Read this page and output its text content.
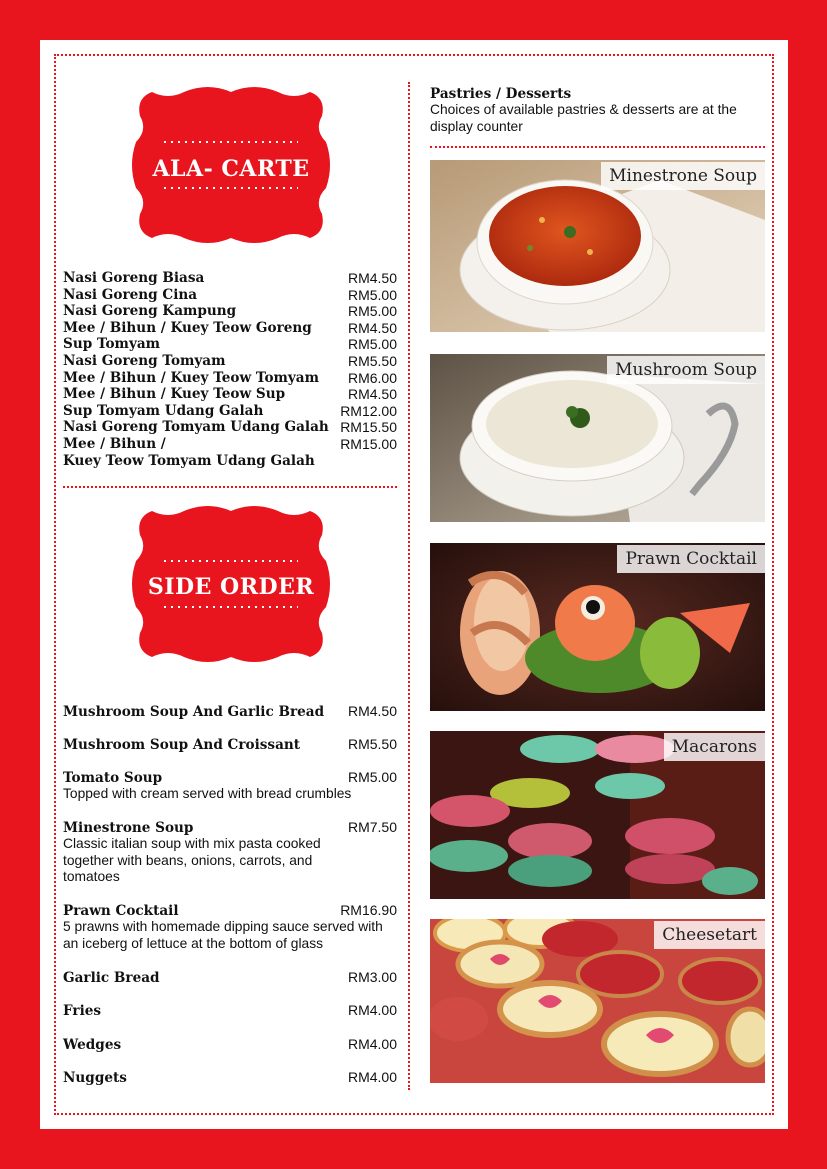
ALA- CARTE
Nasi Goreng Biasa	RM4.50
Nasi Goreng Cina	RM5.00
Nasi Goreng Kampung	RM5.00
Mee / Bihun / Kuey Teow Goreng	RM4.50
Sup Tomyam	RM5.00
Nasi Goreng Tomyam	RM5.50
Mee / Bihun / Kuey Teow Tomyam RM6.00
Mee / Bihun / Kuey Teow Sup	RM4.50
Sup Tomyam Udang Galah	RM12.00
Nasi Goreng Tomyam Udang Galah RM15.50
Mee / Bihun /	RM15.00
Kuey Teow Tomyam Udang Galah
SIDE ORDER
Mushroom Soup And Garlic Bread RM4.50
Mushroom Soup And Croissant	RM5.50
Tomato Soup	RM5.00
Topped with cream served with bread crumbles
Minestrone Soup	RM7.50
Classic italian soup with mix pasta cooked together with beans, onions, carrots, and tomatoes
Prawn Cocktail	RM16.90
5 prawns with homemade dipping sauce served with an iceberg of lettuce at the bottom of glass
Garlic Bread	RM3.00
Fries	RM4.00
Wedges	RM4.00
Nuggets	RM4.00
Pastries / Desserts
Choices of available pastries & desserts are at the display counter
Minestrone Soup
Mushroom Soup
Prawn Cocktail
Macarons
Cheesetart
